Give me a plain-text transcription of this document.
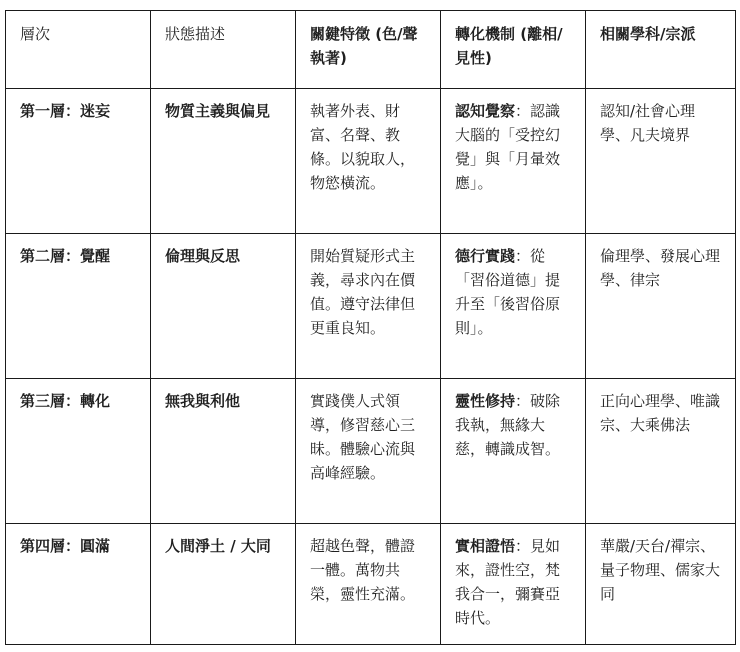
層次	狀態描述	關鍵特徵 (色/聲執著)	轉化機制 (離相/見性)	相關學科/宗派
第一層：迷妄	物質主義與偏見	執著外表、財富、名聲、教條。以貌取人，物慾橫流。	認知覺察：認識大腦的「受控幻覺」與「月暈效應」。	認知/社會心理學、凡夫境界
第二層：覺醒	倫理與反思	開始質疑形式主義，尋求內在價值。遵守法律但更重良知。	德行實踐：從「習俗道德」提升至「後習俗原則」。	倫理學、發展心理學、律宗
第三層：轉化	無我與利他	實踐僕人式領導，修習慈心三昧。體驗心流與高峰經驗。	靈性修持：破除我執，無緣大慈，轉識成智。	正向心理學、唯識宗、大乘佛法
第四層：圓滿	人間淨土 / 大同	超越色聲，體證一體。萬物共榮，靈性充滿。	實相證悟：見如來，證性空，梵我合一，彌賽亞時代。	華嚴/天台/禪宗、量子物理、儒家大同
